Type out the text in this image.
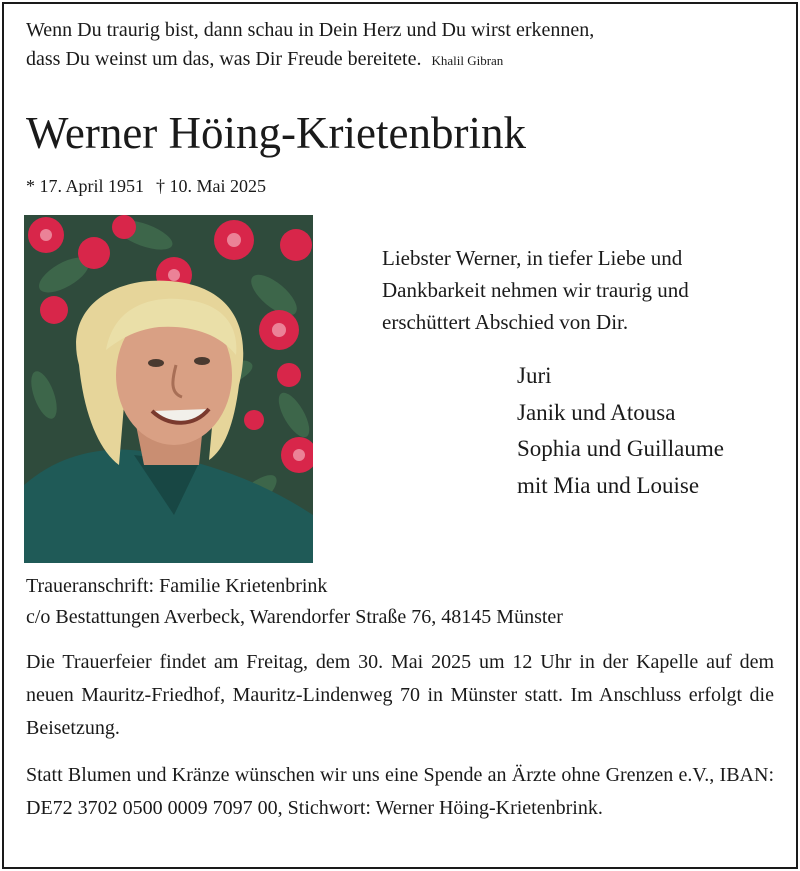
Wenn Du traurig bist, dann schau in Dein Herz und Du wirst erkennen,
dass Du weinst um das, was Dir Freude bereitete. Khalil Gibran
Werner Höing-Krietenbrink
* 17. April 1951 † 10. Mai 2025
Liebster Werner, in tiefer Liebe und
Dankbarkeit nehmen wir traurig und
erschüttert Abschied von Dir.
Juri
Janik und Atousa
Sophia und Guillaume
mit Mia und Louise
Traueranschrift: Familie Krietenbrink
c/o Bestattungen Averbeck, Warendorfer Straße 76, 48145 Münster
Die Trauerfeier findet am Freitag, dem 30. Mai 2025 um 12 Uhr in der Kapelle auf dem neuen Mauritz-Friedhof, Mauritz-Lindenweg 70 in Münster statt. Im Anschluss erfolgt die Beisetzung.
Statt Blumen und Kränze wünschen wir uns eine Spende an Ärzte ohne Grenzen e.V., IBAN: DE72 3702 0500 0009 7097 00, Stichwort: Werner Höing-Krietenbrink.
